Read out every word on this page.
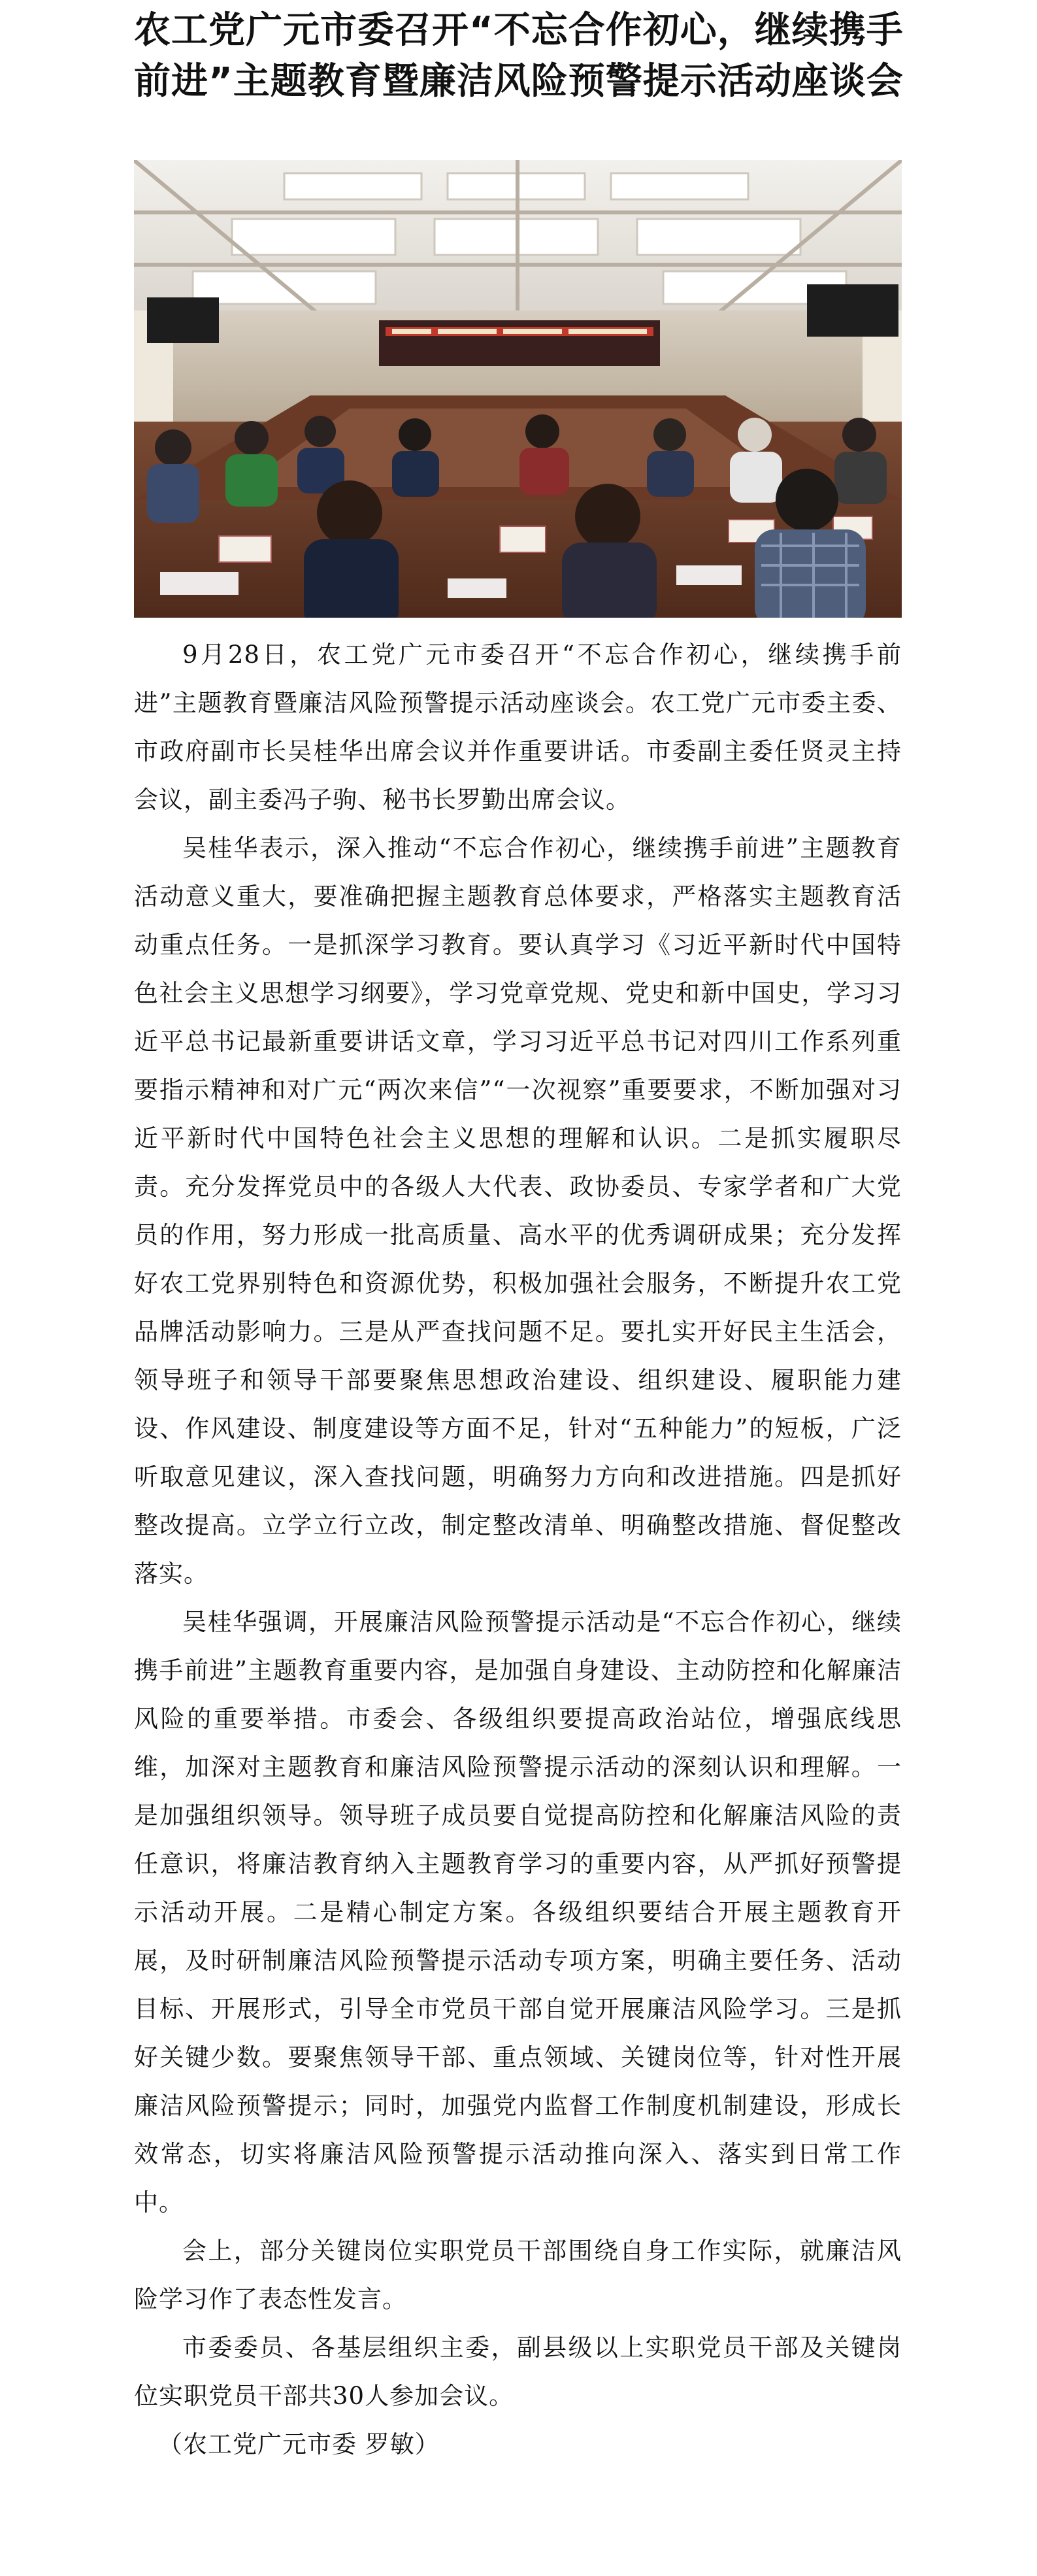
农工党广元市委召开“不忘合作初心，继续携手前进”主题教育暨廉洁风险预警提示活动座谈会

9月28日，农工党广元市委召开“不忘合作初心，继续携手前进”主题教育暨廉洁风险预警提示活动座谈会。农工党广元市委主委、市政府副市长吴桂华出席会议并作重要讲话。市委副主委任贤灵主持会议，副主委冯子驹、秘书长罗勤出席会议。

吴桂华表示，深入推动“不忘合作初心，继续携手前进”主题教育活动意义重大，要准确把握主题教育总体要求，严格落实主题教育活动重点任务。一是抓深学习教育。要认真学习《习近平新时代中国特色社会主义思想学习纲要》，学习党章党规、党史和新中国史，学习习近平总书记最新重要讲话文章，学习习近平总书记对四川工作系列重要指示精神和对广元“两次来信”“一次视察”重要要求，不断加强对习近平新时代中国特色社会主义思想的理解和认识。二是抓实履职尽责。充分发挥党员中的各级人大代表、政协委员、专家学者和广大党员的作用，努力形成一批高质量、高水平的优秀调研成果；充分发挥好农工党界别特色和资源优势，积极加强社会服务，不断提升农工党品牌活动影响力。三是从严查找问题不足。要扎实开好民主生活会，领导班子和领导干部要聚焦思想政治建设、组织建设、履职能力建设、作风建设、制度建设等方面不足，针对“五种能力”的短板，广泛听取意见建议，深入查找问题，明确努力方向和改进措施。四是抓好整改提高。立学立行立改，制定整改清单、明确整改措施、督促整改落实。

吴桂华强调，开展廉洁风险预警提示活动是“不忘合作初心，继续携手前进”主题教育重要内容，是加强自身建设、主动防控和化解廉洁风险的重要举措。市委会、各级组织要提高政治站位，增强底线思维，加深对主题教育和廉洁风险预警提示活动的深刻认识和理解。一是加强组织领导。领导班子成员要自觉提高防控和化解廉洁风险的责任意识，将廉洁教育纳入主题教育学习的重要内容，从严抓好预警提示活动开展。二是精心制定方案。各级组织要结合开展主题教育开展，及时研制廉洁风险预警提示活动专项方案，明确主要任务、活动目标、开展形式，引导全市党员干部自觉开展廉洁风险学习。三是抓好关键少数。要聚焦领导干部、重点领域、关键岗位等，针对性开展廉洁风险预警提示；同时，加强党内监督工作制度机制建设，形成长效常态，切实将廉洁风险预警提示活动推向深入、落实到日常工作中。

会上，部分关键岗位实职党员干部围绕自身工作实际，就廉洁风险学习作了表态性发言。

市委委员、各基层组织主委，副县级以上实职党员干部及关键岗位实职党员干部共30人参加会议。

（农工党广元市委 罗敏）
